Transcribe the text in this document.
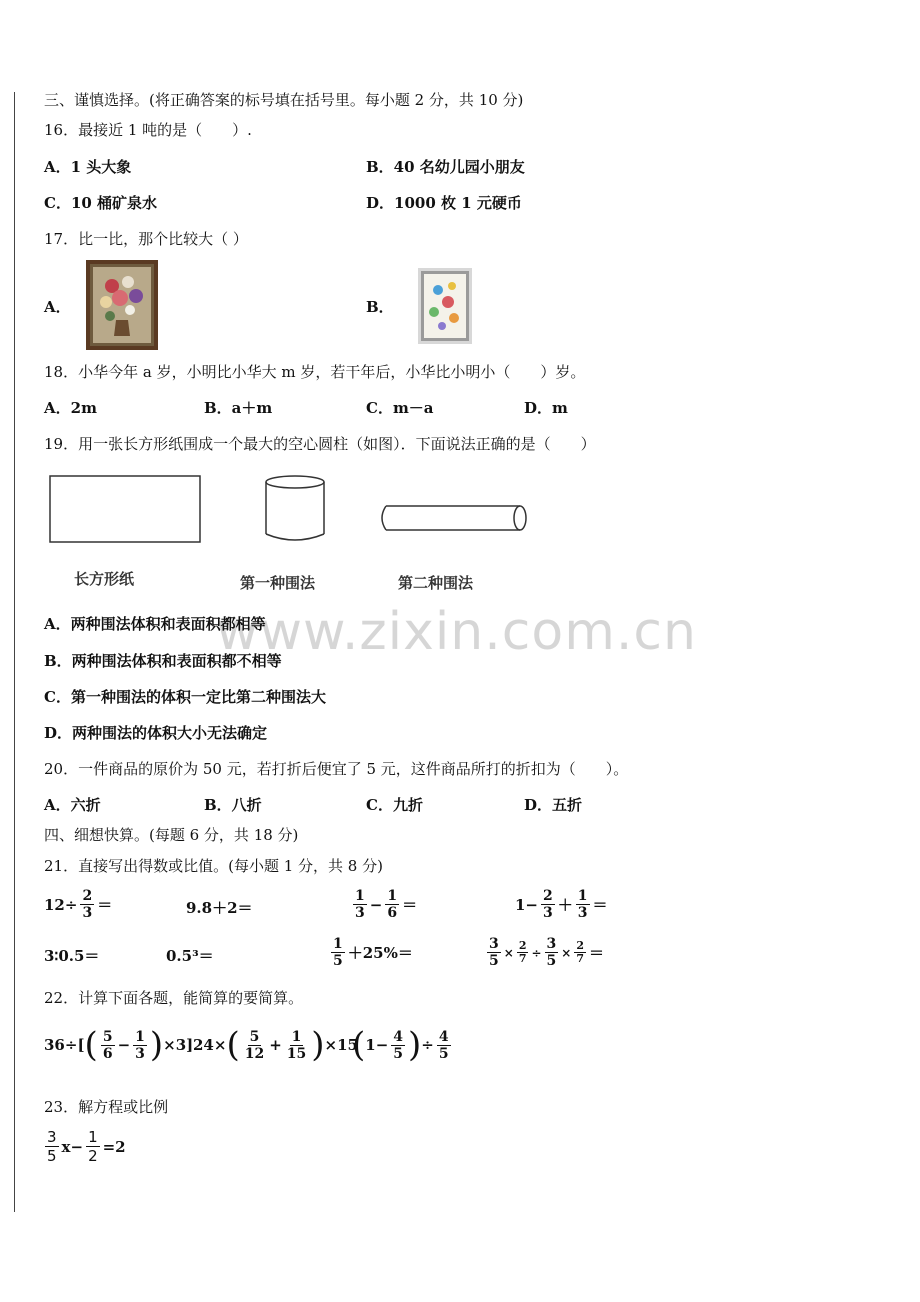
www.zixin.com.cn
三、谨慎选择。(将正确答案的标号填在括号里。每小题 2 分，共 10 分)
16．最接近 1 吨的是（　　）.
A．1 头大象	B．40 名幼儿园小朋友
C．10 桶矿泉水	D．1000 枚 1 元硬币
17．比一比，那个比较大（ ）
A．	B．
18．小华今年 a 岁，小明比小华大 m 岁，若干年后，小华比小明小（　　）岁。
A．2m	B．a＋m	C．m－a	D．m
19．用一张长方形纸围成一个最大的空心圆柱（如图）．下面说法正确的是（　　）
长方形纸	第一种围法	第二种围法
A．两种围法体积和表面积都相等
B．两种围法体积和表面积都不相等
C．第一种围法的体积一定比第二种围法大
D．两种围法的体积大小无法确定
20．一件商品的原价为 50 元，若打折后便宜了 5 元，这件商品所打的折扣为（　　）。
A．六折	B．八折	C．九折	D．五折
四、细想快算。(每题 6 分，共 18 分)
21．直接写出得数或比值。(每小题 1 分，共 8 分)
$12\div \frac{2}{3}$ ＝	9.8＋2＝	$\frac{1}{3} - \frac{1}{6}$ ＝	$1- \frac{2}{3} + \frac{1}{3}$ ＝
3∶0.5＝	0.5³＝	$\frac{1}{5} +25\%=$	$\frac{3}{5} \times \frac{2}{7} \div \frac{3}{5} \times \frac{2}{7}$ ＝
22．计算下面各题，能简算的要简算。
36÷[ ( $\frac{5}{6} - \frac{1}{3}$ ) ×3] 24× ( $\frac{5}{12} + \frac{1}{15}$ ) ×15
( $1- \frac{4}{5}$ ) ÷ $\frac{4}{5}$
23．解方程或比例
$\frac{3}{5} x- \frac{1}{2} =2$
